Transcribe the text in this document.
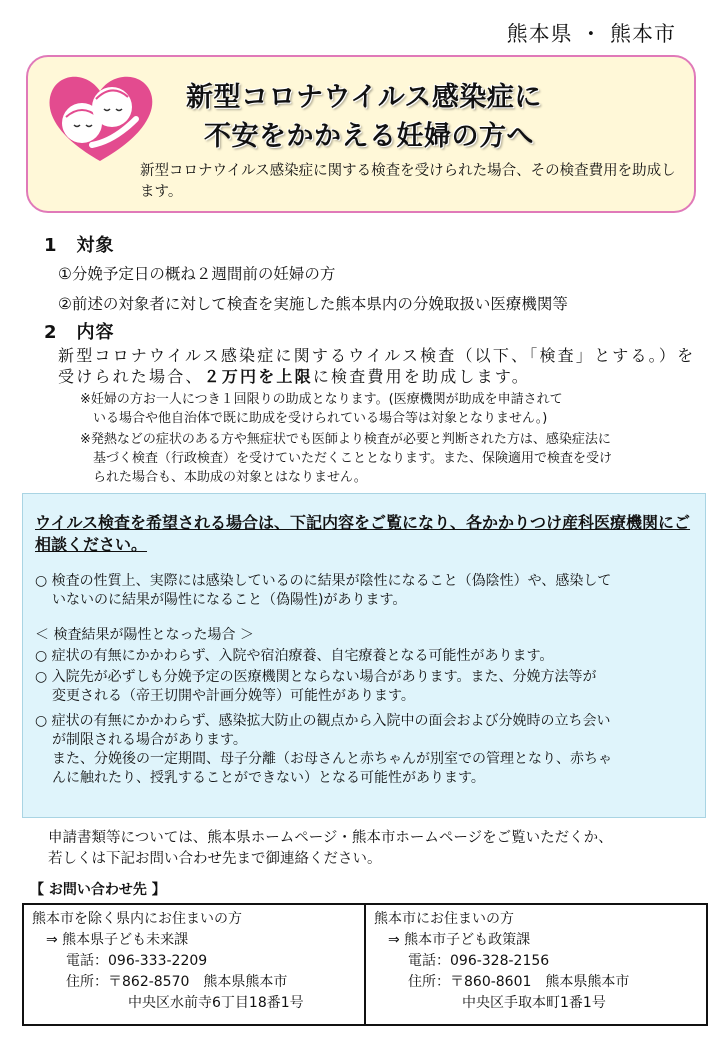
熊本県 ・ 熊本市
新型コロナウイルス感染症に
不安をかかえる妊婦の方へ
新型コロナウイルス感染症に関する検査を受けられた場合、その検査費用を助成します。
1　対象
①分娩予定日の概ね２週間前の妊婦の方
②前述の対象者に対して検査を実施した熊本県内の分娩取扱い医療機関等
2　内容
新型コロナウイルス感染症に関するウイルス検査（以下、「検査」とする。）を受けられた場合、２万円を上限に検査費用を助成します。
※妊婦の方お一人につき１回限りの助成となります。(医療機関が助成を申請されて
いる場合や他自治体で既に助成を受けられている場合等は対象となりません。)
※発熱などの症状のある方や無症状でも医師より検査が必要と判断された方は、感染症法に
基づく検査（行政検査）を受けていただくこととなります。また、保険適用で検査を受け
られた場合も、本助成の対象とはなりません。
ウイルス検査を希望される場合は、下記内容をご覧になり、各かかりつけ産科医療機関にご相談ください。
○ 検査の性質上、実際には感染しているのに結果が陰性になること（偽陰性）や、感染して
いないのに結果が陽性になること（偽陽性)があります。
＜ 検査結果が陽性となった場合 ＞
○ 症状の有無にかかわらず、入院や宿泊療養、自宅療養となる可能性があります。
○ 入院先が必ずしも分娩予定の医療機関とならない場合があります。また、分娩方法等が
変更される（帝王切開や計画分娩等）可能性があります。
○ 症状の有無にかかわらず、感染拡大防止の観点から入院中の面会および分娩時の立ち会い
が制限される場合があります。
また、分娩後の一定期間、母子分離（お母さんと赤ちゃんが別室での管理となり、赤ちゃ
んに触れたり、授乳することができない）となる可能性があります。
申請書類等については、熊本県ホームページ・熊本市ホームページをご覧いただくか、
若しくは下記お問い合わせ先まで御連絡ください。
【 お問い合わせ先 】
熊本市を除く県内にお住まいの方
⇒ 熊本県子ども未来課
電話：096-333-2209
住所：〒862-8570　熊本県熊本市
中央区水前寺6丁目18番1号
熊本市にお住まいの方
⇒ 熊本市子ども政策課
電話：096-328-2156
住所：〒860-8601　熊本県熊本市
中央区手取本町1番1号
